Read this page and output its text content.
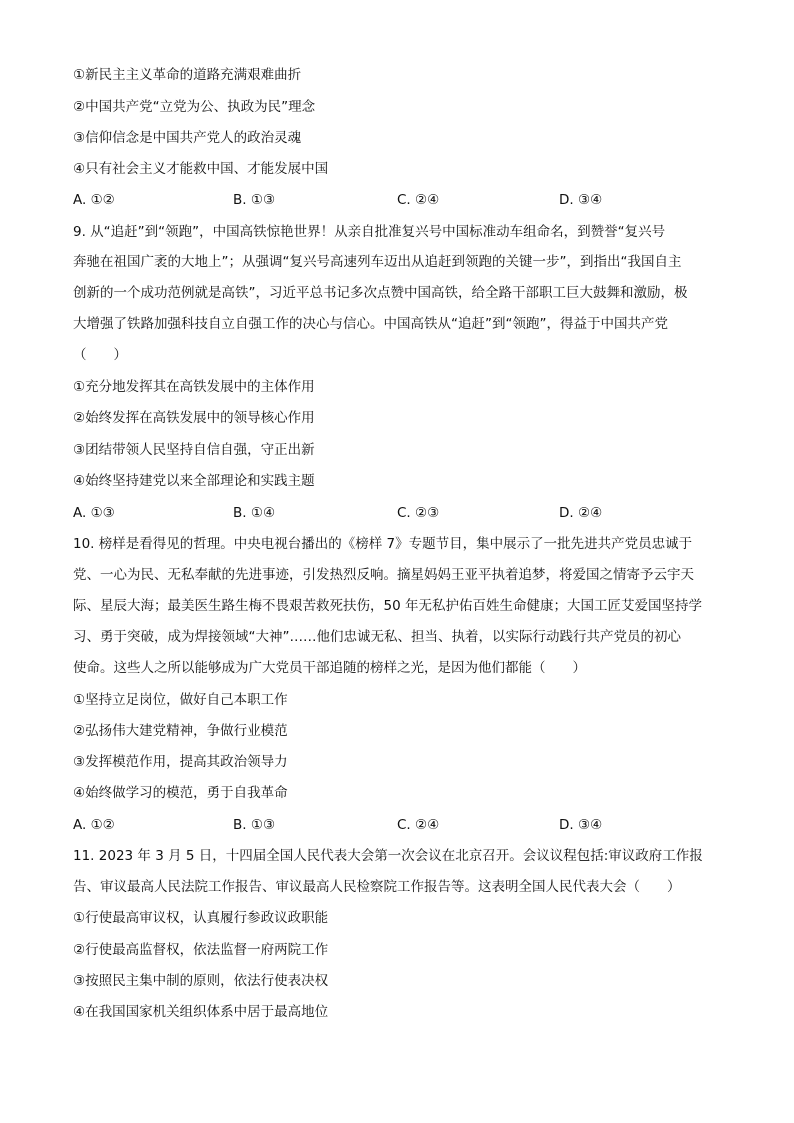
①新民主主义革命的道路充满艰难曲折
②中国共产党“立党为公、执政为民”理念
③信仰信念是中国共产党人的政治灵魂
④只有社会主义才能救中国、才能发展中国
A. ①②	B. ①③	C. ②④	D. ③④
9. 从“追赶”到“领跑”，中国高铁惊艳世界！从亲自批准复兴号中国标准动车组命名，到赞誉“复兴号
奔驰在祖国广袤的大地上”；从强调“复兴号高速列车迈出从追赶到领跑的关键一步”，到指出“我国自主
创新的一个成功范例就是高铁”，习近平总书记多次点赞中国高铁，给全路干部职工巨大鼓舞和激励，极
大增强了铁路加强科技自立自强工作的决心与信心。中国高铁从“追赶”到“领跑”，得益于中国共产党
（　　）
①充分地发挥其在高铁发展中的主体作用
②始终发挥在高铁发展中的领导核心作用
③团结带领人民坚持自信自强，守正出新
④始终坚持建党以来全部理论和实践主题
A. ①③	B. ①④	C. ②③	D. ②④
10. 榜样是看得见的哲理。中央电视台播出的《榜样 7》专题节目，集中展示了一批先进共产党员忠诚于
党、一心为民、无私奉献的先进事迹，引发热烈反响。摘星妈妈王亚平执着追梦，将爱国之情寄予云宇天
际、星辰大海；最美医生路生梅不畏艰苦救死扶伤，50 年无私护佑百姓生命健康；大国工匠艾爱国坚持学
习、勇于突破，成为焊接领域“大神”……他们忠诚无私、担当、执着，以实际行动践行共产党员的初心
使命。这些人之所以能够成为广大党员干部追随的榜样之光，是因为他们都能（　　）
①坚持立足岗位，做好自己本职工作
②弘扬伟大建党精神，争做行业模范
③发挥模范作用，提高其政治领导力
④始终做学习的模范，勇于自我革命
A. ①②	B. ①③	C. ②④	D. ③④
11. 2023 年 3 月 5 日，十四届全国人民代表大会第一次会议在北京召开。会议议程包括:审议政府工作报
告、审议最高人民法院工作报告、审议最高人民检察院工作报告等。这表明全国人民代表大会（　　）
①行使最高审议权，认真履行参政议政职能
②行使最高监督权，依法监督一府两院工作
③按照民主集中制的原则，依法行使表决权
④在我国国家机关组织体系中居于最高地位
